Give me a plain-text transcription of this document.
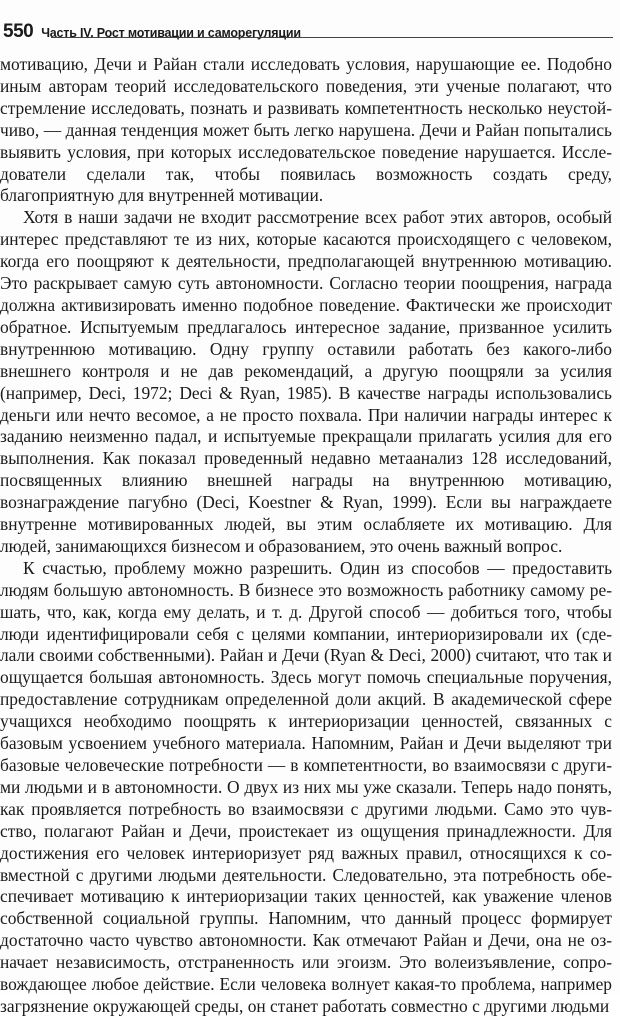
550 Часть IV. Рост мотивации и саморегуляции

мотивацию, Дечи и Райан стали исследовать условия, нарушающие ее. Подобно иным авторам теорий исследовательского поведения, эти ученые полагают, что стремление исследовать, познать и развивать компетентность несколько неустойчиво, — данная тенденция может быть легко нарушена. Дечи и Райан попытались выявить условия, при которых исследовательское поведение нарушается. Исследователи сделали так, чтобы появилась возможность создать среду, благоприятную для внутренней мотивации.

Хотя в наши задачи не входит рассмотрение всех работ этих авторов, особый интерес представляют те из них, которые касаются происходящего с человеком, когда его поощряют к деятельности, предполагающей внутреннюю мотивацию. Это раскрывает самую суть автономности. Согласно теории поощрения, награда должна активизировать именно подобное поведение. Фактически же происходит обратное. Испытуемым предлагалось интересное задание, призванное усилить внутреннюю мотивацию. Одну группу оставили работать без какого-либо внешнего контроля и не дав рекомендаций, а другую поощряли за усилия (например, Deci, 1972; Deci & Ryan, 1985). В качестве награды использовались деньги или нечто весомое, а не просто похвала. При наличии награды интерес к заданию неизменно падал, и испытуемые прекращали прилагать усилия для его выполнения. Как показал проведенный недавно метаанализ 128 исследований, посвященных влиянию внешней награды на внутреннюю мотивацию, вознаграждение пагубно (Deci, Koestner & Ryan, 1999). Если вы награждаете внутренне мотивированных людей, вы этим ослабляете их мотивацию. Для людей, занимающихся бизнесом и образованием, это очень важный вопрос.

К счастью, проблему можно разрешить. Один из способов — предоставить людям большую автономность. В бизнесе это возможность работнику самому решать, что, как, когда ему делать, и т. д. Другой способ — добиться того, чтобы люди идентифицировали себя с целями компании, интериоризировали их (сделали своими собственными). Райан и Дечи (Ryan & Deci, 2000) считают, что так и ощущается большая автономность. Здесь могут помочь специальные поручения, предоставление сотрудникам определенной доли акций. В академической сфере учащихся необходимо поощрять к интериоризации ценностей, связанных с базовым усвоением учебного материала. Напомним, Райан и Дечи выделяют три базовые человеческие потребности — в компетентности, во взаимосвязи с другими людьми и в автономности. О двух из них мы уже сказали. Теперь надо понять, как проявляется потребность во взаимосвязи с другими людьми. Само это чувство, полагают Райан и Дечи, проистекает из ощущения принадлежности. Для достижения его человек интериоризует ряд важных правил, относящихся к совместной с другими людьми деятельности. Следовательно, эта потребность обеспечивает мотивацию к интериоризации таких ценностей, как уважение членов собственной социальной группы. Напомним, что данный процесс формирует достаточно часто чувство автономности. Как отмечают Райан и Дечи, она не означает независимость, отстраненность или эгоизм. Это волеизъявление, сопровождающее любое действие. Если человека волнует какая-то проблема, например загрязнение окружающей среды, он станет работать совместно с другими людьми
